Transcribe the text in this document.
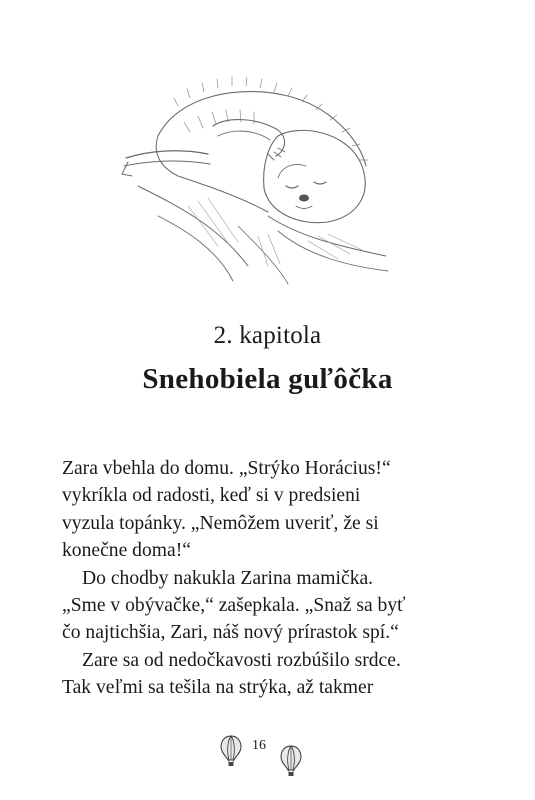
2. kapitola
Snehobiela guľôčka
Zara vbehla do domu. „Strýko Horácius!“
vykríkla od radosti, keď si v predsieni
vyzula topánky. „Nemôžem uveriť, že si
konečne doma!“
Do chodby nakukla Zarina mamička.
„Sme v obývačke,“ zašepkala. „Snaž sa byť
čo najtichšia, Zari, náš nový prírastok spí.“
Zare sa od nedočkavosti rozbúšilo srdce.
Tak veľmi sa tešila na strýka, až takmer
16
